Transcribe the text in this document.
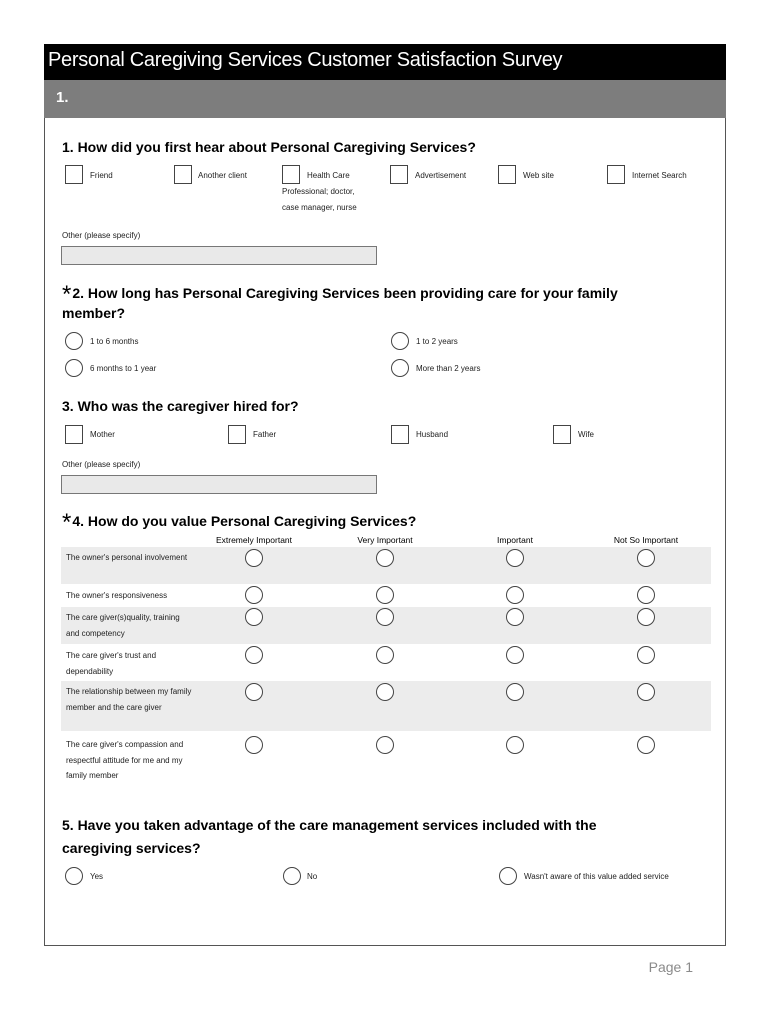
Personal Caregiving Services Customer Satisfaction Survey
1.
1. How did you first hear about Personal Caregiving Services?
Friend	Another client	Health Care
Professional; doctor,
case manager, nurse
Advertisement	Web site	Internet Search
Other (please specify)
*2. How long has Personal Caregiving Services been providing care for your family
member?
1 to 6 months
6 months to 1 year
1 to 2 years
More than 2 years
3. Who was the caregiver hired for?
Mother	Father	Husband	Wife
Other (please specify)
*4. How do you value Personal Caregiving Services?
Extremely Important	Very Important	Important	Not So Important
The owner's personal involvement
The owner's responsiveness
The care giver(s)quality, training and competency
The care giver's trust and dependability
The relationship between my family member and the care giver
The care giver's compassion and respectful attitude for me and my family member
5. Have you taken advantage of the care management services included with the
caregiving services?
Yes	No	Wasn't aware of this value added service
Page 1
